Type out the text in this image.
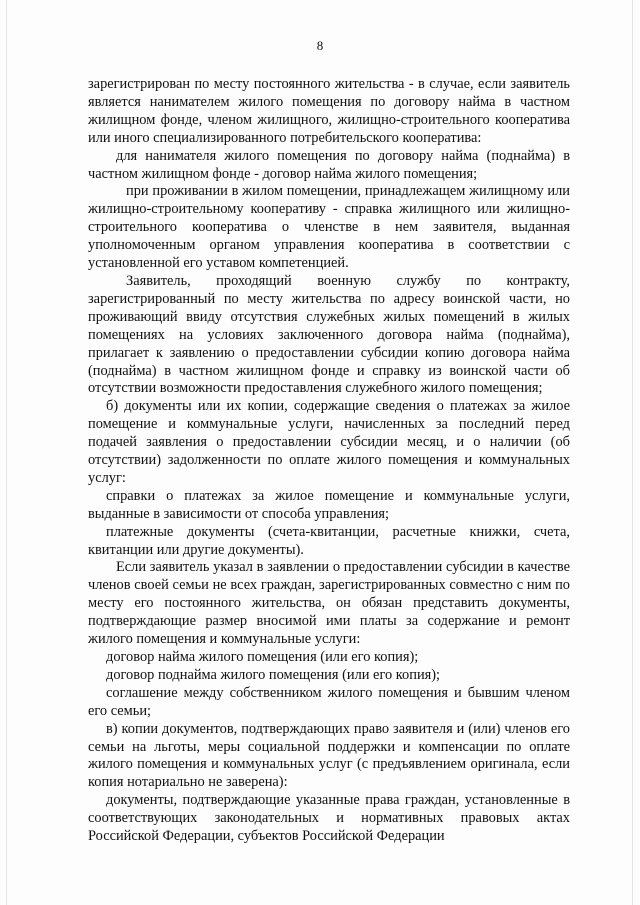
8

зарегистрирован по месту постоянного жительства - в случае, если заявитель является нанимателем жилого помещения по договору найма в частном жилищном фонде, членом жилищного, жилищно-строительного кооператива или иного специализированного потребительского кооператива:

для нанимателя жилого помещения по договору найма (поднайма) в частном жилищном фонде - договор найма жилого помещения;

при проживании в жилом помещении, принадлежащем жилищному или жилищно-строительному кооперативу - справка жилищного или жилищно-строительного кооператива о членстве в нем заявителя, выданная уполномоченным органом управления кооператива в соответствии с установленной его уставом компетенцией.

Заявитель, проходящий военную службу по контракту, зарегистрированный по месту жительства по адресу воинской части, но проживающий ввиду отсутствия служебных жилых помещений в жилых помещениях на условиях заключенного договора найма (поднайма), прилагает к заявлению о предоставлении субсидии копию договора найма (поднайма) в частном жилищном фонде и справку из воинской части об отсутствии возможности предоставления служебного жилого помещения;

б) документы или их копии, содержащие сведения о платежах за жилое помещение и коммунальные услуги, начисленных за последний перед подачей заявления о предоставлении субсидии месяц, и о наличии (об отсутствии) задолженности по оплате жилого помещения и коммунальных услуг:

справки о платежах за жилое помещение и коммунальные услуги, выданные в зависимости от способа управления;

платежные документы (счета-квитанции, расчетные книжки, счета, квитанции или другие документы).

Если заявитель указал в заявлении о предоставлении субсидии в качестве членов своей семьи не всех граждан, зарегистрированных совместно с ним по месту его постоянного жительства, он обязан представить документы, подтверждающие размер вносимой ими платы за содержание и ремонт жилого помещения и коммунальные услуги:

договор найма жилого помещения (или его копия);

договор поднайма жилого помещения (или его копия);

соглашение между собственником жилого помещения и бывшим членом его семьи;

в) копии документов, подтверждающих право заявителя и (или) членов его семьи на льготы, меры социальной поддержки и компенсации по оплате жилого помещения и коммунальных услуг (с предъявлением оригинала, если копия нотариально не заверена):

документы, подтверждающие указанные права граждан, установленные в соответствующих законодательных и нормативных правовых актах Российской Федерации, субъектов Российской Федерации
